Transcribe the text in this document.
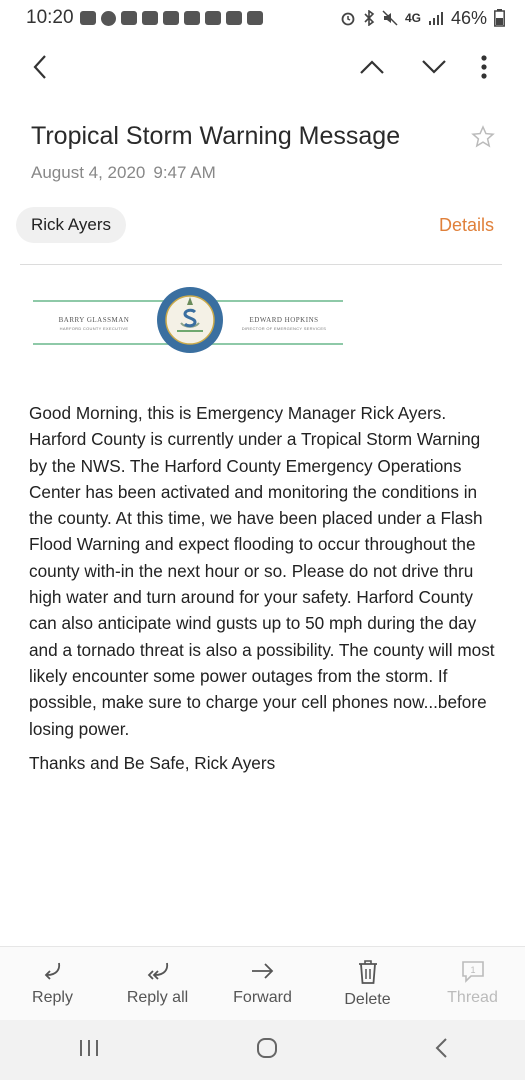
10:20	4G 46%
Tropical Storm Warning Message
August 4, 2020 9:47 AM
Rick Ayers	Details
BARRY GLASSMAN
HARFORD COUNTY EXECUTIVE
EDWARD HOPKINS
DIRECTOR OF EMERGENCY SERVICES

Good Morning, this is Emergency Manager Rick Ayers. Harford County is currently under a Tropical Storm Warning by the NWS. The Harford County Emergency Operations Center has been activated and monitoring the conditions in the county. At this time, we have been placed under a Flash Flood Warning and expect flooding to occur throughout the county with-in the next hour or so. Please do not drive thru high water and turn around for your safety. Harford County can also anticipate wind gusts up to 50 mph during the day and a tornado threat is also a possibility. The county will most likely encounter some power outages from the storm. If possible, make sure to charge your cell phones now...before losing power.

Thanks and Be Safe, Rick Ayers

Reply	Reply all	Forward	Delete
1
Thread
